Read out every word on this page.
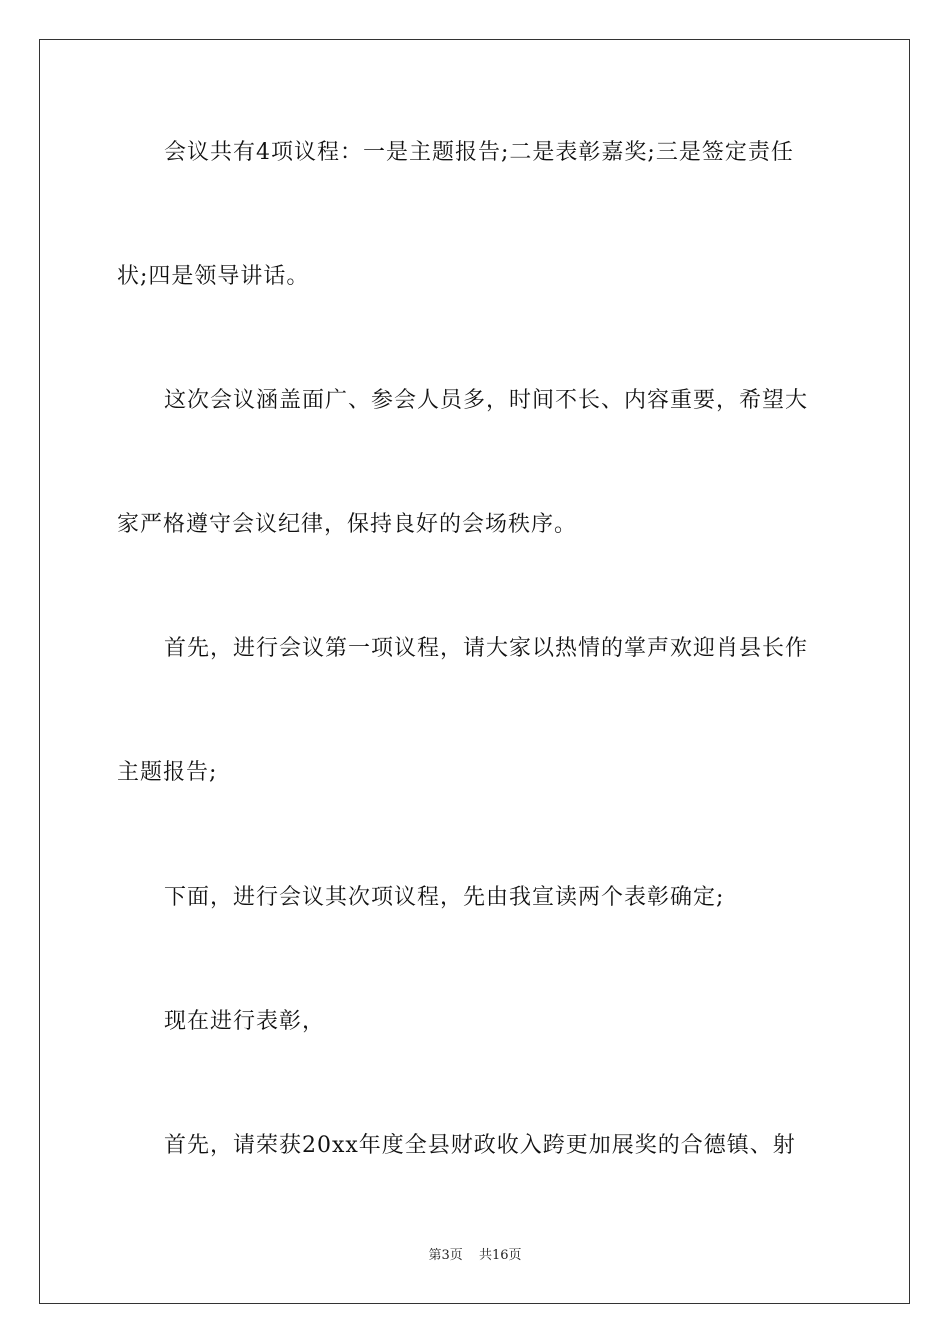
会议共有4项议程：一是主题报告;二是表彰嘉奖;三是签定责任
状;四是领导讲话。
这次会议涵盖面广、参会人员多，时间不长、内容重要，希望大
家严格遵守会议纪律，保持良好的会场秩序。
首先，进行会议第一项议程，请大家以热情的掌声欢迎肖县长作
主题报告;
下面，进行会议其次项议程，先由我宣读两个表彰确定;
现在进行表彰，
首先，请荣获20xx年度全县财政收入跨更加展奖的合德镇、射
第3页 共16页
